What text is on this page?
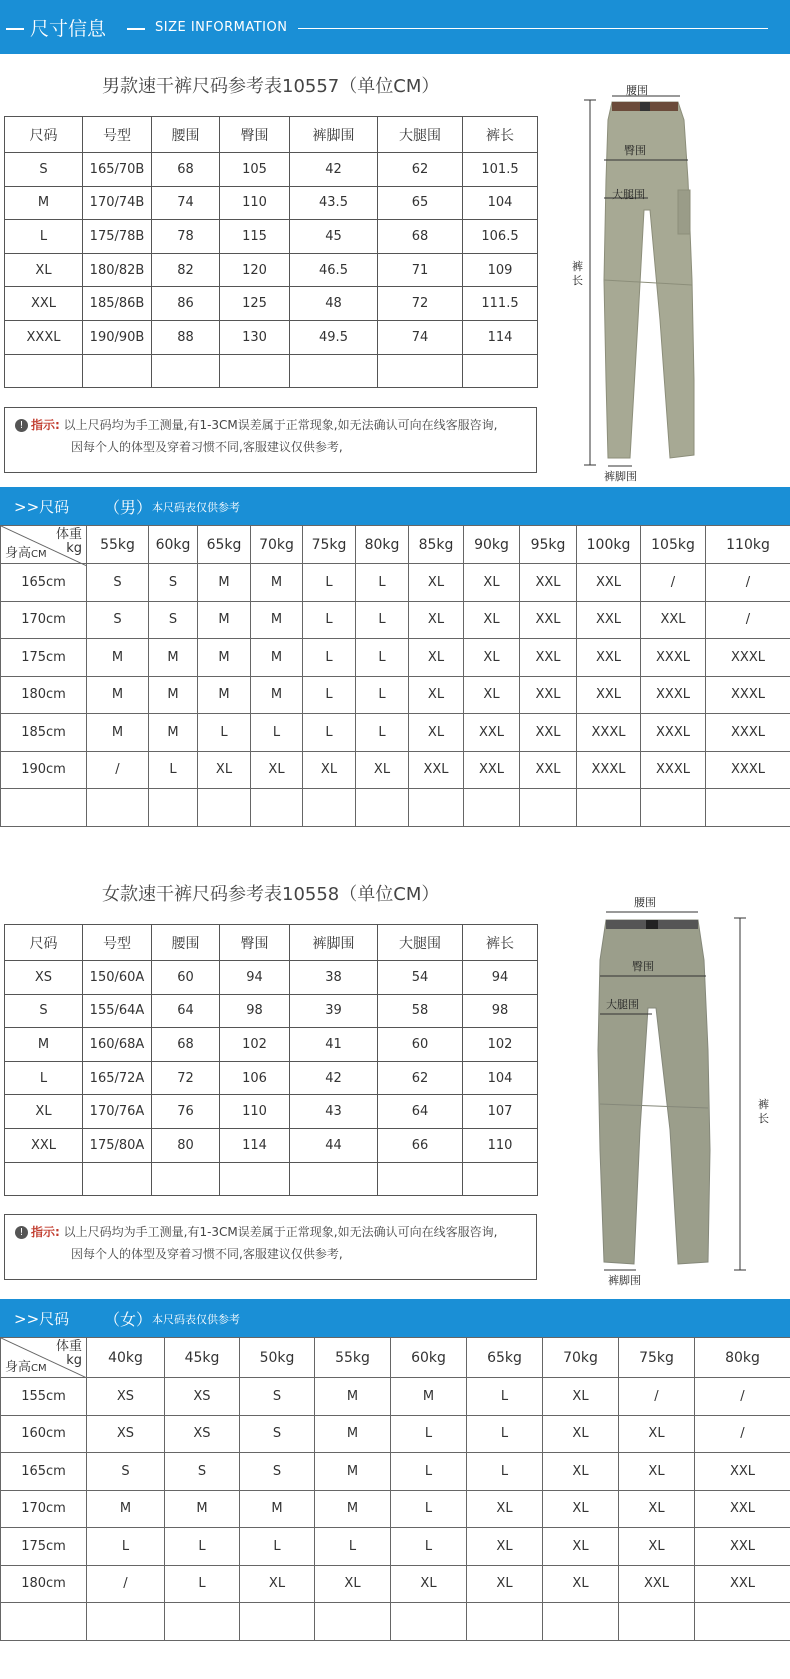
尺寸信息	SIZE INFORMATION
男款速干裤尺码参考表10557（单位CM）
尺码	号型	腰围	臀围	裤脚围	大腿围	裤长
S	165/70B	68	105	42	62	101.5
M	170/74B	74	110	43.5	65	104
L	175/78B	78	115	45	68	106.5
XL	180/82B	82	120	46.5	71	109
XXL	185/86B	86	125	48	72	111.5
XXXL	190/90B	88	130	49.5	74	114

! 指示: 以上尺码均为手工测量,有1-3CM误差属于正常现象,如无法确认可向在线客服咨询,
因每个人的体型及穿着习惯不同,客服建议仅供参考,
腰围
臀围
大腿围
裤长
裤脚围
>>尺码 （男） 本尺码表仅供参考
体重
kg
身高CM	55kg	60kg	65kg	70kg	75kg	80kg	85kg	90kg	95kg	100kg	105kg	110kg
165cm	S	S	M	M	L	L	XL	XL	XXL	XXL	/	/
170cm	S	S	M	M	L	L	XL	XL	XXL	XXL	XXL	/
175cm	M	M	M	M	L	L	XL	XL	XXL	XXL	XXXL	XXXL
180cm	M	M	M	M	L	L	XL	XL	XXL	XXL	XXXL	XXXL
185cm	M	M	L	L	L	L	XL	XXL	XXL	XXXL	XXXL	XXXL
190cm	/	L	XL	XL	XL	XL	XXL	XXL	XXL	XXXL	XXXL	XXXL

女款速干裤尺码参考表10558（单位CM）
尺码	号型	腰围	臀围	裤脚围	大腿围	裤长
XS	150/60A	60	94	38	54	94
S	155/64A	64	98	39	58	98
M	160/68A	68	102	41	60	102
L	165/72A	72	106	42	62	104
XL	170/76A	76	110	43	64	107
XXL	175/80A	80	114	44	66	110

! 指示: 以上尺码均为手工测量,有1-3CM误差属于正常现象,如无法确认可向在线客服咨询,
因每个人的体型及穿着习惯不同,客服建议仅供参考,
腰围
臀围
大腿围
裤长
裤脚围
>>尺码 （女） 本尺码表仅供参考
体重
kg
身高CM	40kg	45kg	50kg	55kg	60kg	65kg	70kg	75kg	80kg
155cm	XS	XS	S	M	M	L	XL	/	/
160cm	XS	XS	S	M	L	L	XL	XL	/
165cm	S	S	S	M	L	L	XL	XL	XXL
170cm	M	M	M	M	L	XL	XL	XL	XXL
175cm	L	L	L	L	L	XL	XL	XL	XXL
180cm	/	L	XL	XL	XL	XL	XL	XXL	XXL
